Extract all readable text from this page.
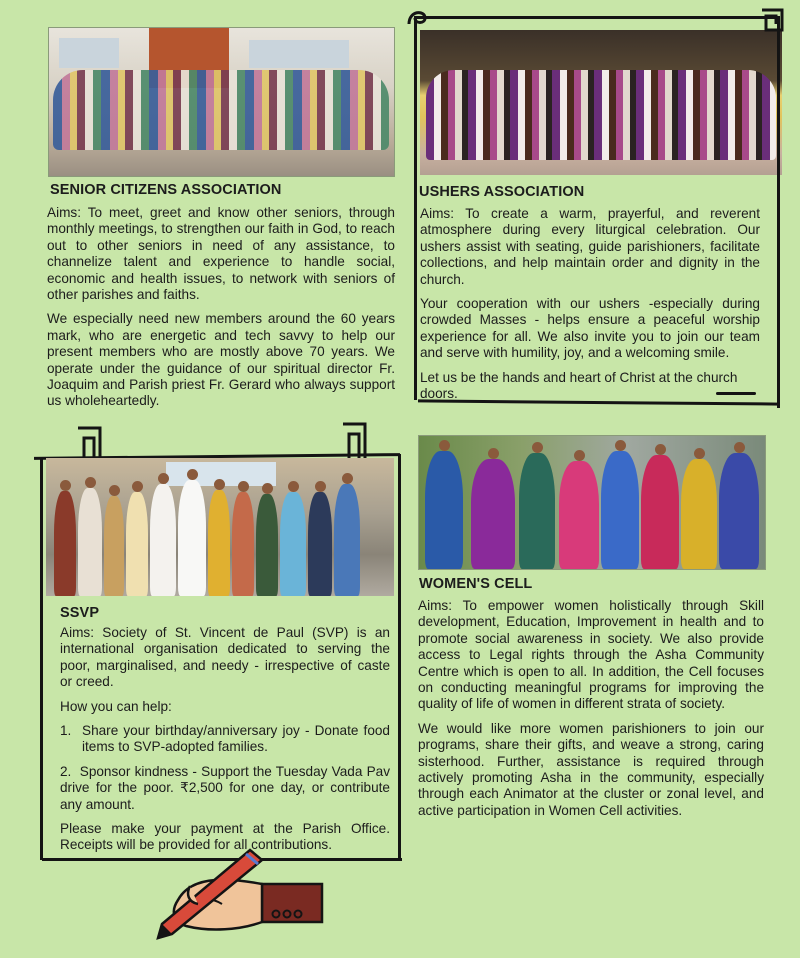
SENIOR CITIZENS ASSOCIATION

Aims: To meet, greet and know other seniors, through monthly meetings, to strengthen our faith in God, to reach out to other seniors in need of any assistance, to channelize talent and experience to handle social, economic and health issues, to network with seniors of other parishes and faiths.

We especially need new members around the 60 years mark, who are energetic and tech savvy to help our present members who are mostly above 70 years. We operate under the guidance of our spiritual director Fr. Joaquim and Parish priest Fr. Gerard who always support us wholeheartedly.

USHERS ASSOCIATION

Aims: To create a warm, prayerful, and reverent atmosphere during every liturgical celebration. Our ushers assist with seating, guide parishioners, facilitate collections, and help maintain order and dignity in the church.

Your cooperation with our ushers -especially during crowded Masses - helps ensure a peaceful worship experience for all. We also invite you to join our team and serve with humility, joy, and a welcoming smile.

Let us be the hands and heart of Christ at the church doors.

SSVP

Aims: Society of St. Vincent de Paul (SVP) is an international organisation dedicated to serving the poor, marginalised, and needy - irrespective of caste or creed.

How you can help:

1. Share your birthday/anniversary joy - Donate food items to SVP-adopted families.

2. Sponsor kindness - Support the Tuesday Vada Pav drive for the poor. ₹2,500 for one day, or contribute any amount.

Please make your payment at the Parish Office. Receipts will be provided for all contributions.

WOMEN'S CELL

Aims: To empower women holistically through Skill development, Education, Improvement in health and to promote social awareness in society. We also provide access to Legal rights through the Asha Community Centre which is open to all. In addition, the Cell focuses on conducting meaningful programs for improving the quality of life of women in different strata of society.

We would like more women parishioners to join our programs, share their gifts, and weave a strong, caring sisterhood. Further, assistance is required through actively promoting Asha in the community, especially through each Animator at the cluster or zonal level, and active participation in Women Cell activities.
